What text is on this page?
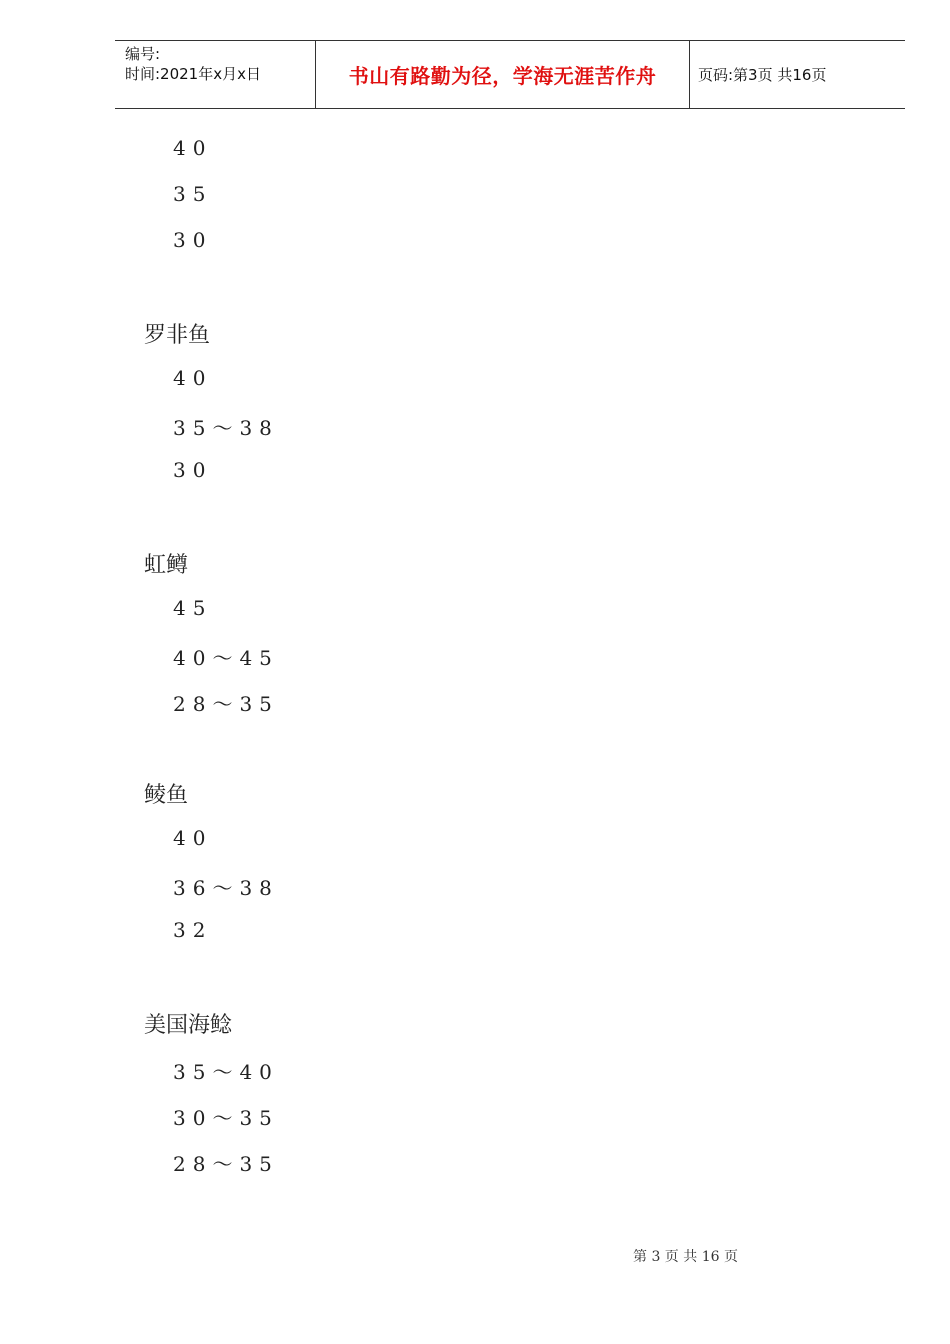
编号:
时间:2021年x月x日	书山有路勤为径，学海无涯苦作舟	页码:第3页 共16页
40
35
30
罗非鱼
40
35～38
30
虹鳟
45
40～45
28～35
鲮鱼
40
36～38
32
美国海鲶
35～40
30～35
28～35
第 3 页 共 16 页
